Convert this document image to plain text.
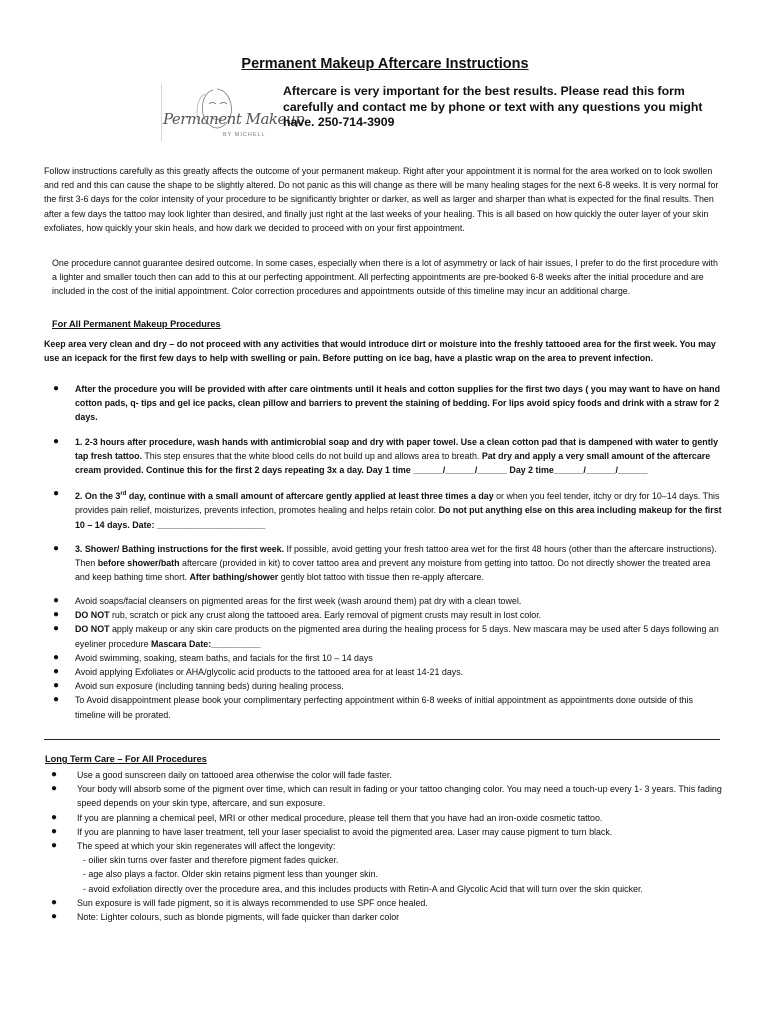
Permanent Makeup Aftercare Instructions
Permanent Makeup
BY MICHELL
Aftercare is very important for the best results. Please read this form carefully and contact me by phone or text with any questions you might have. 250-714-3909
Follow instructions carefully as this greatly affects the outcome of your permanent makeup. Right after your appointment it is normal for the area worked on to look swollen and red and this can cause the shape to be slightly altered. Do not panic as this will change as there will be many healing stages for the next 6-8 weeks. It is very normal for the first 3-6 days for the color intensity of your procedure to be significantly brighter or darker, as well as larger and sharper than what is expected for the final results. Then after a few days the tattoo may look lighter than desired, and finally just right at the last weeks of your healing. This is all based on how quickly the outer layer of your skin exfoliates, how quickly your skin heals, and how dark we decided to proceed with on your first appointment.
One procedure cannot guarantee desired outcome. In some cases, especially when there is a lot of asymmetry or lack of hair issues, I prefer to do the first procedure with a lighter and smaller touch then can add to this at our perfecting appointment. All perfecting appointments are pre-booked 6-8 weeks after the initial procedure and are included in the cost of the initial appointment. Color correction procedures and appointments outside of this timeline may incur an additional charge.
For All Permanent Makeup Procedures
Keep area very clean and dry – do not proceed with any activities that would introduce dirt or moisture into the freshly tattooed area for the first week. You may use an icepack for the first few days to help with swelling or pain. Before putting on ice bag, have a plastic wrap on the area to prevent infection.
● After the procedure you will be provided with after care ointments until it heals and cotton supplies for the first two days ( you may want to have on hand cotton pads, q- tips and gel ice packs, clean pillow and barriers to prevent the staining of bedding. For lips avoid spicy foods and drink with a straw for 2 days.
● 1. 2-3 hours after procedure, wash hands with antimicrobial soap and dry with paper towel. Use a clean cotton pad that is dampened with water to gently tap fresh tattoo. This step ensures that the white blood cells do not build up and allows area to breath. Pat dry and apply a very small amount of the aftercare cream provided. Continue this for the first 2 days repeating 3x a day. Day 1 time ______/______/______ Day 2 time______/______/______
● 2. On the 3rd day, continue with a small amount of aftercare gently applied at least three times a day or when you feel tender, itchy or dry for 10–14 days. This provides pain relief, moisturizes, prevents infection, promotes healing and helps retain color. Do not put anything else on this area including makeup for the first 10 – 14 days. Date: ______________________
● 3. Shower/ Bathing instructions for the first week. If possible, avoid getting your fresh tattoo area wet for the first 48 hours (other than the aftercare instructions). Then before shower/bath aftercare (provided in kit) to cover tattoo area and prevent any moisture from getting into tattoo. Do not directly shower the treated area and keep bathing time short. After bathing/shower gently blot tattoo with tissue then re-apply aftercare.
● Avoid soaps/facial cleansers on pigmented areas for the first week (wash around them) pat dry with a clean towel.
● DO NOT rub, scratch or pick any crust along the tattooed area. Early removal of pigment crusts may result in lost color.
● DO NOT apply makeup or any skin care products on the pigmented area during the healing process for 5 days. New mascara may be used after 5 days following an eyeliner procedure Mascara Date:__________
● Avoid swimming, soaking, steam baths, and facials for the first 10 – 14 days
● Avoid applying Exfoliates or AHA/glycolic acid products to the tattooed area for at least 14-21 days.
● Avoid sun exposure (including tanning beds) during healing process.
● To Avoid disappointment please book your complimentary perfecting appointment within 6-8 weeks of initial appointment as appointments done outside of this timeline will be prorated.
Long Term Care – For All Procedures
● Use a good sunscreen daily on tattooed area otherwise the color will fade faster.
● Your body will absorb some of the pigment over time, which can result in fading or your tattoo changing color. You may need a touch-up every 1- 3 years. This fading speed depends on your skin type, aftercare, and sun exposure.
● If you are planning a chemical peel, MRI or other medical procedure, please tell them that you have had an iron-oxide cosmetic tattoo.
● If you are planning to have laser treatment, tell your laser specialist to avoid the pigmented area. Laser may cause pigment to turn black.
● The speed at which your skin regenerates will affect the longevity:
- oilier skin turns over faster and therefore pigment fades quicker.
- age also plays a factor. Older skin retains pigment less than younger skin.
- avoid exfoliation directly over the procedure area, and this includes products with Retin-A and Glycolic Acid that will turn over the skin quicker.
● Sun exposure is will fade pigment, so it is always recommended to use SPF once healed.
● Note: Lighter colours, such as blonde pigments, will fade quicker than darker color
